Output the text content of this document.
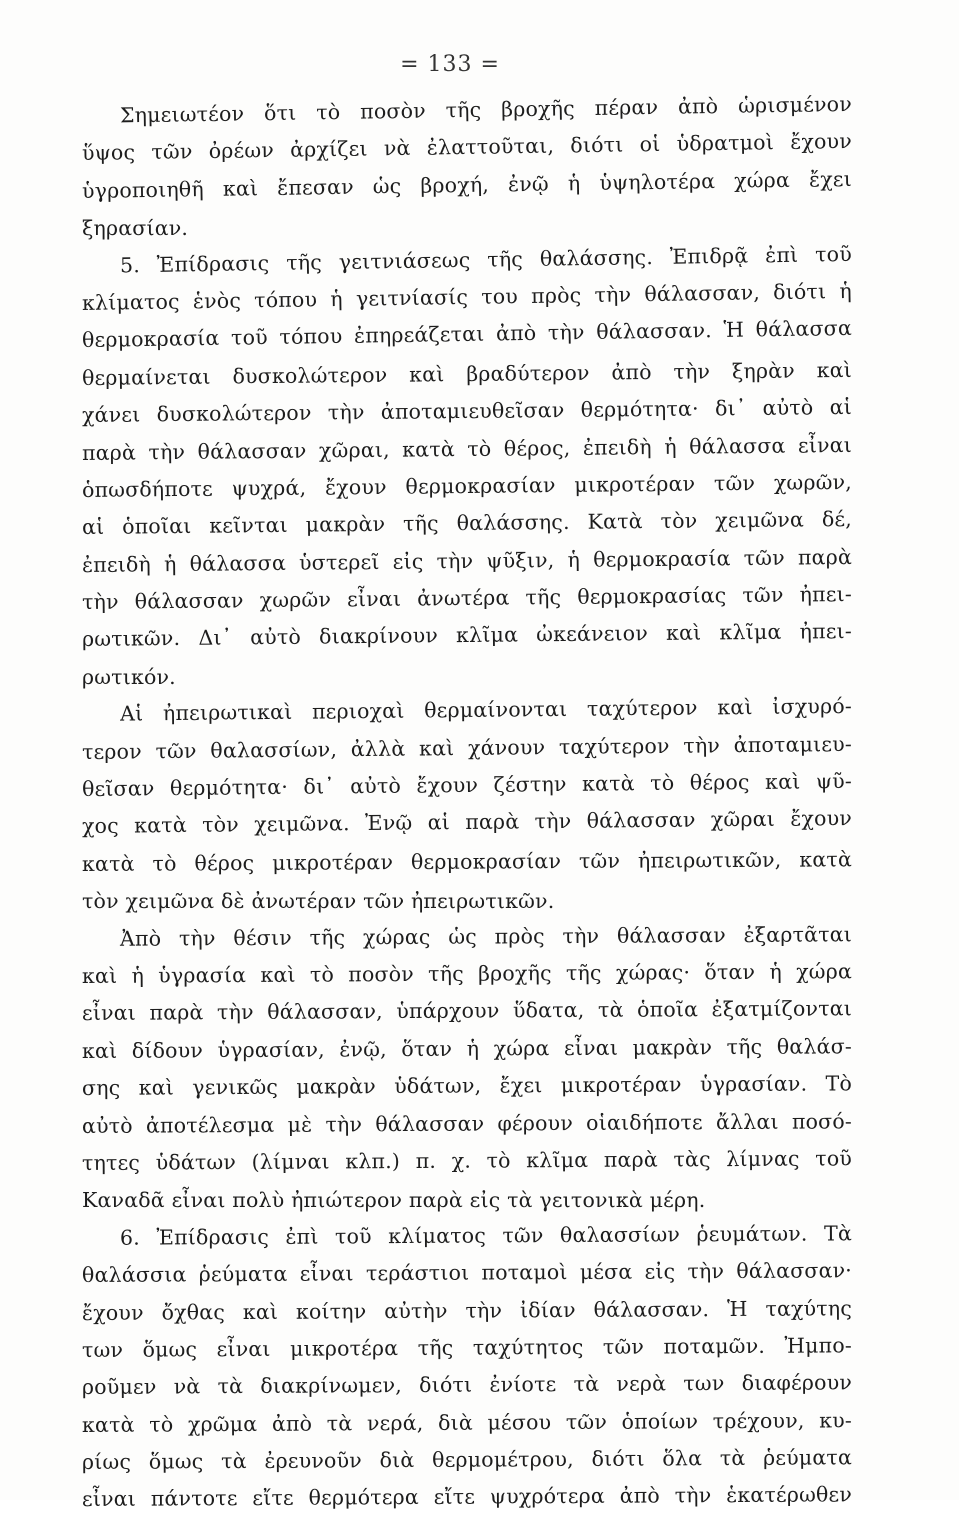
= 133 =
Σημειωτέον ὅτι τὸ ποσὸν τῆς βροχῆς πέραν ἀπὸ ὡρισμένον
ὕψος τῶν ὀρέων ἀρχίζει νὰ ἐλαττοῦται, διότι οἱ ὑδρατμοὶ ἔχουν
ὑγροποιηθῆ καὶ ἔπεσαν ὡς βροχή, ἐνῷ ἡ ὑψηλοτέρα χώρα ἔχει
ξηρασίαν.
5. Ἐπίδρασις τῆς γειτνιάσεως τῆς θαλάσσης. Ἐπιδρᾷ ἐπὶ τοῦ
κλίματος ἑνὸς τόπου ἡ γειτνίασίς του πρὸς τὴν θάλασσαν, διότι ἡ
θερμοκρασία τοῦ τόπου ἐπηρεάζεται ἀπὸ τὴν θάλασσαν. Ἡ θάλασσα
θερμαίνεται δυσκολώτερον καὶ βραδύτερον ἀπὸ τὴν ξηρὰν καὶ
χάνει δυσκολώτερον τὴν ἀποταμιευθεῖσαν θερμότητα· δι᾽ αὐτὸ αἱ
παρὰ τὴν θάλασσαν χῶραι, κατὰ τὸ θέρος, ἐπειδὴ ἡ θάλασσα εἶναι
ὁπωσδήποτε ψυχρά, ἔχουν θερμοκρασίαν μικροτέραν τῶν χωρῶν,
αἱ ὁποῖαι κεῖνται μακρὰν τῆς θαλάσσης. Κατὰ τὸν χειμῶνα δέ,
ἐπειδὴ ἡ θάλασσα ὑστερεῖ εἰς τὴν ψῦξιν, ἡ θερμοκρασία τῶν παρὰ
τὴν θάλασσαν χωρῶν εἶναι ἀνωτέρα τῆς θερμοκρασίας τῶν ἠπει-
ρωτικῶν. Δι᾽ αὐτὸ διακρίνουν κλῖμα ὠκεάνειον καὶ κλῖμα ἠπει-
ρωτικόν.
Αἱ ἠπειρωτικαὶ περιοχαὶ θερμαίνονται ταχύτερον καὶ ἰσχυρό-
τερον τῶν θαλασσίων, ἀλλὰ καὶ χάνουν ταχύτερον τὴν ἀποταμιευ-
θεῖσαν θερμότητα· δι᾽ αὐτὸ ἔχουν ζέστην κατὰ τὸ θέρος καὶ ψῦ-
χος κατὰ τὸν χειμῶνα. Ἐνῷ αἱ παρὰ τὴν θάλασσαν χῶραι ἔχουν
κατὰ τὸ θέρος μικροτέραν θερμοκρασίαν τῶν ἠπειρωτικῶν, κατὰ
τὸν χειμῶνα δὲ ἀνωτέραν τῶν ἠπειρωτικῶν.
Ἀπὸ τὴν θέσιν τῆς χώρας ὡς πρὸς τὴν θάλασσαν ἐξαρτᾶται
καὶ ἡ ὑγρασία καὶ τὸ ποσὸν τῆς βροχῆς τῆς χώρας· ὅταν ἡ χώρα
εἶναι παρὰ τὴν θάλασσαν, ὑπάρχουν ὕδατα, τὰ ὁποῖα ἐξατμίζονται
καὶ δίδουν ὑγρασίαν, ἐνῷ, ὅταν ἡ χώρα εἶναι μακρὰν τῆς θαλάσ-
σης καὶ γενικῶς μακρὰν ὑδάτων, ἔχει μικροτέραν ὑγρασίαν. Τὸ
αὐτὸ ἀποτέλεσμα μὲ τὴν θάλασσαν φέρουν οἱαιδήποτε ἄλλαι ποσό-
τητες ὑδάτων (λίμναι κλπ.) π. χ. τὸ κλῖμα παρὰ τὰς λίμνας τοῦ
Καναδᾶ εἶναι πολὺ ἠπιώτερον παρὰ εἰς τὰ γειτονικὰ μέρη.
6. Ἐπίδρασις ἐπὶ τοῦ κλίματος τῶν θαλασσίων ῥευμάτων. Τὰ
θαλάσσια ῥεύματα εἶναι τεράστιοι ποταμοὶ μέσα εἰς τὴν θάλασσαν·
ἔχουν ὄχθας καὶ κοίτην αὐτὴν τὴν ἰδίαν θάλασσαν. Ἡ ταχύτης
των ὅμως εἶναι μικροτέρα τῆς ταχύτητος τῶν ποταμῶν. Ἠμπο-
ροῦμεν νὰ τὰ διακρίνωμεν, διότι ἐνίοτε τὰ νερὰ των διαφέρουν
κατὰ τὸ χρῶμα ἀπὸ τὰ νερά, διὰ μέσου τῶν ὁποίων τρέχουν, κυ-
ρίως ὅμως τὰ ἐρευνοῦν διὰ θερμομέτρου, διότι ὅλα τὰ ῥεύματα
εἶναι πάντοτε εἴτε θερμότερα εἴτε ψυχρότερα ἀπὸ τὴν ἑκατέρωθεν
